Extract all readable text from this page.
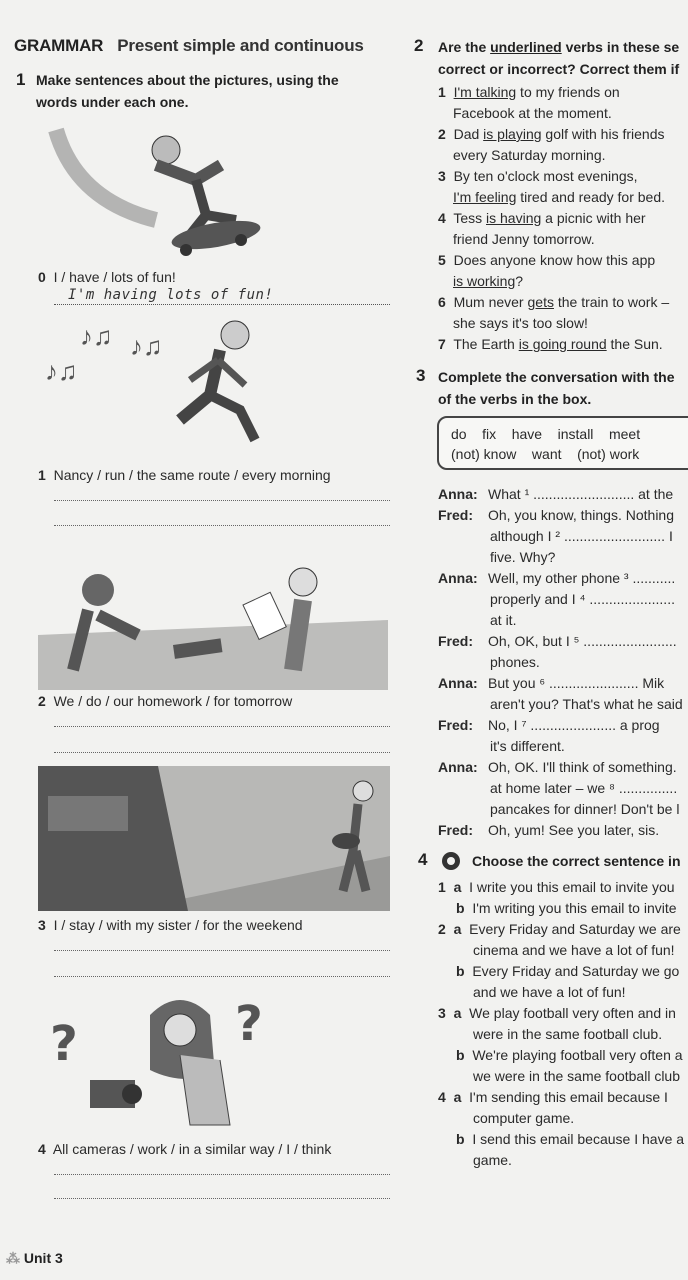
GRAMMAR Present simple and continuous
1 Make sentences about the pictures, using the words under each one.
0 I / have / lots of fun!
I'm having lots of fun!
♪♫ ♪♫
♪♫
1 Nancy / run / the same route / every morning
2 We / do / our homework / for tomorrow
3 I / stay / with my sister / for the weekend
?	?
4 All cameras / work / in a similar way / I / think
2 Are the underlined verbs in these se
correct or incorrect? Correct them if
1 I'm talking to my friends on
Facebook at the moment.
2 Dad is playing golf with his friends
every Saturday morning.
3 By ten o'clock most evenings,
I'm feeling tired and ready for bed.
4 Tess is having a picnic with her
friend Jenny tomorrow.
5 Does anyone know how this app
is working?
6 Mum never gets the train to work –
she says it's too slow!
7 The Earth is going round the Sun.
3 Complete the conversation with the
of the verbs in the box.
do fix have install meet
(not) know want (not) work
Anna: What ¹ .......................... at the
Fred: Oh, you know, things. Nothing
although I ² .......................... I
five. Why?
Anna: Well, my other phone ³ ...........
properly and I ⁴ ......................
at it.
Fred: Oh, OK, but I ⁵ ........................
phones.
Anna: But you ⁶ ....................... Mik
aren't you? That's what he said
Fred: No, I ⁷ ...................... a prog
it's different.
Anna: Oh, OK. I'll think of something.
at home later – we ⁸ ...............
pancakes for dinner! Don't be l
Fred: Oh, yum! See you later, sis.
4	Choose the correct sentence in
1 a I write you this email to invite you
b I'm writing you this email to invite
2 a Every Friday and Saturday we are
cinema and we have a lot of fun!
b Every Friday and Saturday we go
and we have a lot of fun!
3 a We play football very often and in
were in the same football club.
b We're playing football very often a
we were in the same football club
4 a I'm sending this email because I
computer game.
b I send this email because I have a
game.
⁂ Unit 3
